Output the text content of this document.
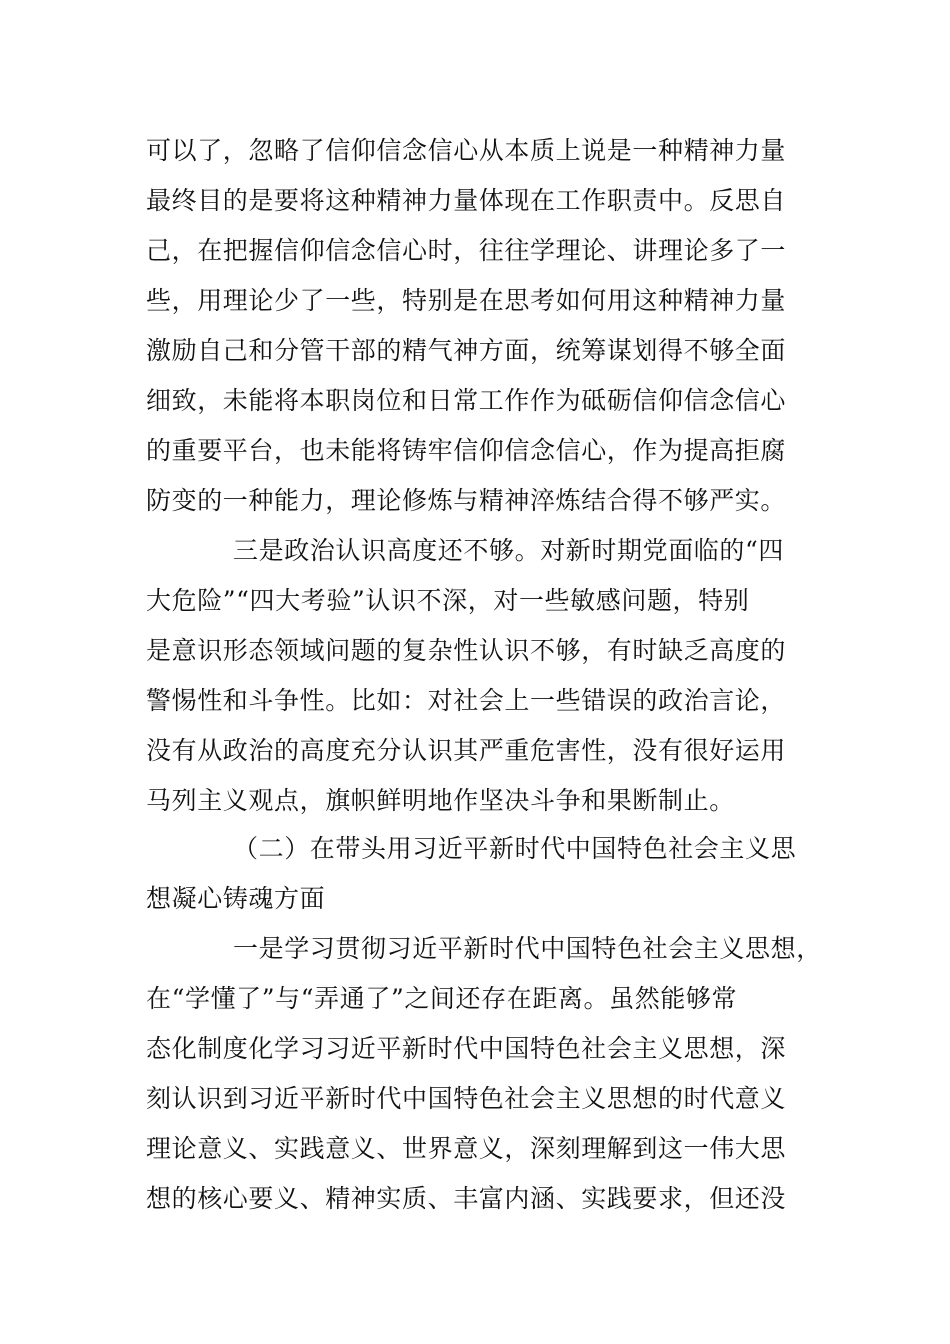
可以了，忽略了信仰信念信心从本质上说是一种精神力量
最终目的是要将这种精神力量体现在工作职责中。反思自
己，在把握信仰信念信心时，往往学理论、讲理论多了一
些，用理论少了一些，特别是在思考如何用这种精神力量
激励自己和分管干部的精气神方面，统筹谋划得不够全面
细致，未能将本职岗位和日常工作作为砥砺信仰信念信心
的重要平台，也未能将铸牢信仰信念信心，作为提高拒腐
防变的一种能力，理论修炼与精神淬炼结合得不够严实。
三是政治认识高度还不够。对新时期党面临的“四
大危险”“四大考验”认识不深，对一些敏感问题，特别
是意识形态领域问题的复杂性认识不够，有时缺乏高度的
警惕性和斗争性。比如：对社会上一些错误的政治言论，
没有从政治的高度充分认识其严重危害性，没有很好运用
马列主义观点，旗帜鲜明地作坚决斗争和果断制止。
（二）在带头用习近平新时代中国特色社会主义思
想凝心铸魂方面
一是学习贯彻习近平新时代中国特色社会主义思想，
在“学懂了”与“弄通了”之间还存在距离。虽然能够常
态化制度化学习习近平新时代中国特色社会主义思想，深
刻认识到习近平新时代中国特色社会主义思想的时代意义
理论意义、实践意义、世界意义，深刻理解到这一伟大思
想的核心要义、精神实质、丰富内涵、实践要求，但还没
